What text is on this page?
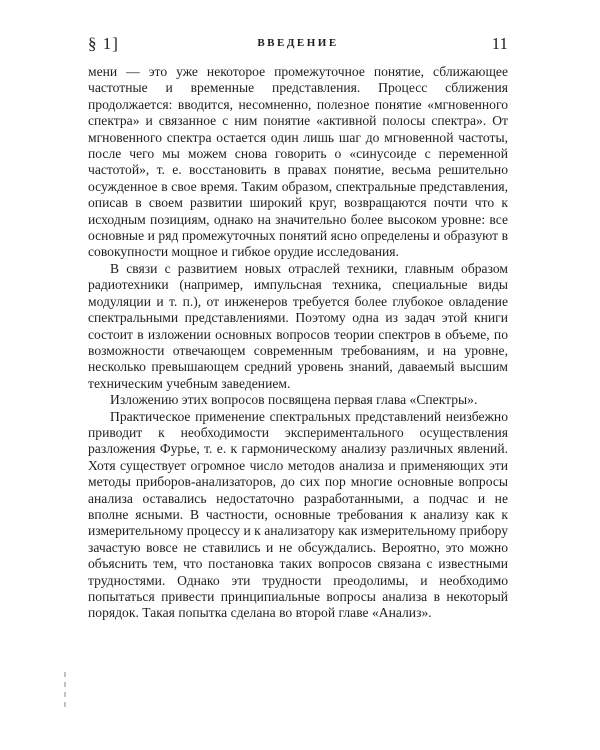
§ 1]	ВВЕДЕНИЕ	11

мени — это уже некоторое промежуточное понятие, сближающее частотные и временные представления. Процесс сближения продолжается: вводится, несомненно, полезное понятие «мгновенного спектра» и связанное с ним понятие «активной полосы спектра». От мгновенного спектра остается один лишь шаг до мгновенной частоты, после чего мы можем снова говорить о «синусоиде с переменной частотой», т. е. восстановить в правах понятие, весьма решительно осужденное в свое время. Таким образом, спектральные представления, описав в своем развитии широкий круг, возвращаются почти что к исходным позициям, однако на значительно более высоком уровне: все основные и ряд промежуточных понятий ясно определены и образуют в совокупности мощное и гибкое орудие исследования.

В связи с развитием новых отраслей техники, главным образом радиотехники (например, импульсная техника, специальные виды модуляции и т. п.), от инженеров требуется более глубокое овладение спектральными представлениями. Поэтому одна из задач этой книги состоит в изложении основных вопросов теории спектров в объеме, по возможности отвечающем современным требованиям, и на уровне, несколько превышающем средний уровень знаний, даваемый высшим техническим учебным заведением.

Изложению этих вопросов посвящена первая глава «Спектры».

Практическое применение спектральных представлений неизбежно приводит к необходимости экспериментального осуществления разложения Фурье, т. е. к гармоническому анализу различных явлений. Хотя существует огромное число методов анализа и применяющих эти методы приборов-анализаторов, до сих пор многие основные вопросы анализа оставались недостаточно разработанными, а подчас и не вполне ясными. В частности, основные требования к анализу как к измерительному процессу и к анализатору как измерительному прибору зачастую вовсе не ставились и не обсуждались. Вероятно, это можно объяснить тем, что постановка таких вопросов связана с известными трудностями. Однако эти трудности преодолимы, и необходимо попытаться привести принципиальные вопросы анализа в некоторый порядок. Такая попытка сделана во второй главе «Анализ».
